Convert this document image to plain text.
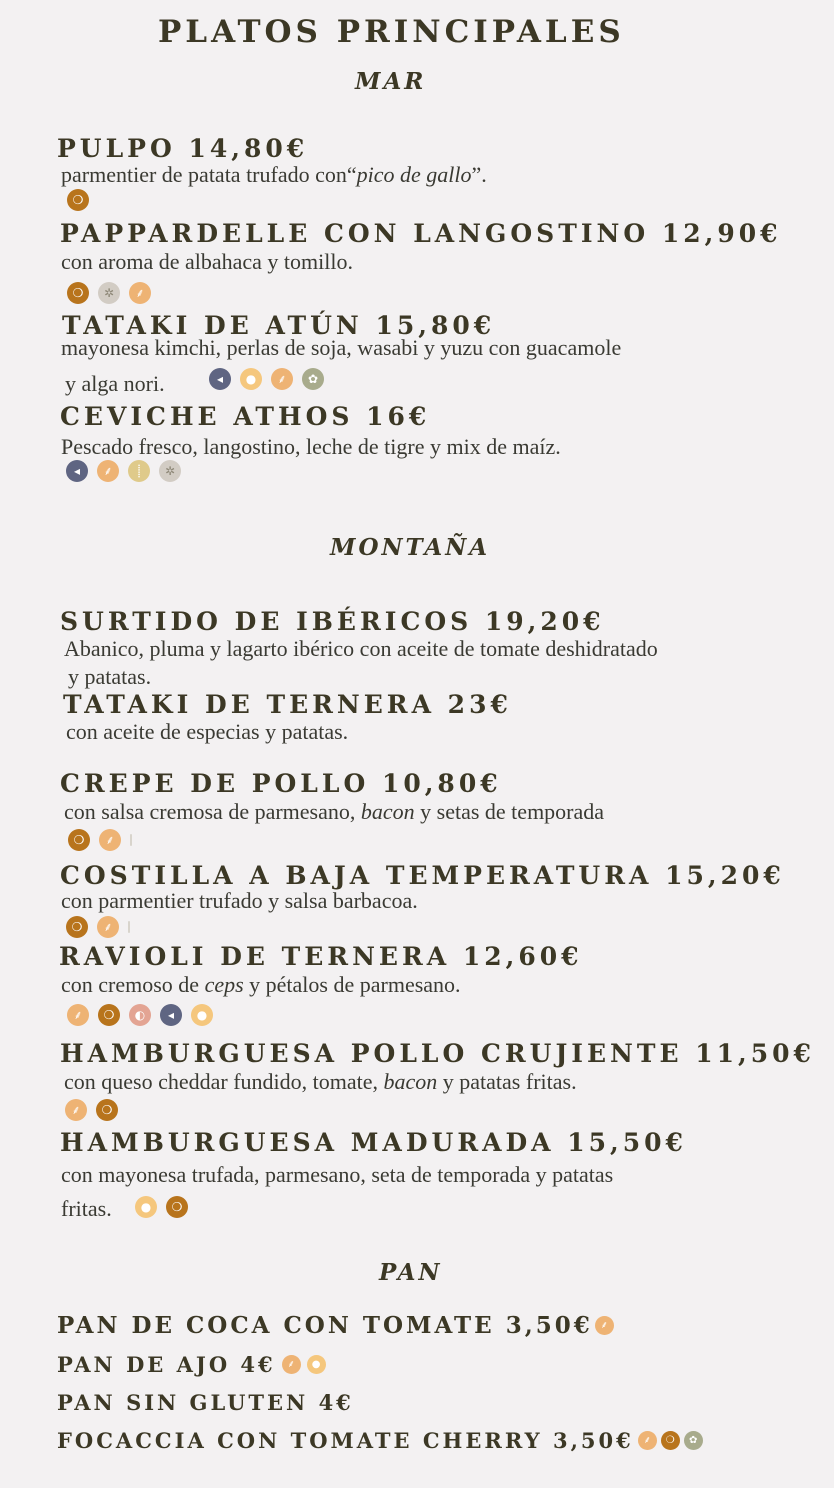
PLATOS PRINCIPALES
MAR
PULPO 14,80€
parmentier de patata trufado con“pico de gallo”.
❍
PAPPARDELLE CON LANGOSTINO 12,90€
con aroma de albahaca y tomillo.
❍	✲	⸙
TATAKI DE ATÚN 15,80€
mayonesa kimchi, perlas de soja, wasabi y yuzu con guacamole
y alga nori.	◂	●	⸙	✿
CEVICHE ATHOS 16€
Pescado fresco, langostino, leche de tigre y mix de maíz.
◂	⸙	⸽	✲
MONTAÑA
SURTIDO DE IBÉRICOS 19,20€
Abanico, pluma y lagarto ibérico con aceite de tomate deshidratado
y patatas.
TATAKI DE TERNERA 23€
con aceite de especias y patatas.
CREPE DE POLLO 10,80€
con salsa cremosa de parmesano, bacon y setas de temporada
❍	⸙
COSTILLA A BAJA TEMPERATURA 15,20€
con parmentier trufado y salsa barbacoa.
❍	⸙
RAVIOLI DE TERNERA 12,60€
con cremoso de ceps y pétalos de parmesano.
⸙	❍	◐	◂	●
HAMBURGUESA POLLO CRUJIENTE 11,50€
con queso cheddar fundido, tomate, bacon y patatas fritas.
⸙	❍
HAMBURGUESA MADURADA 15,50€
con mayonesa trufada, parmesano, seta de temporada y patatas
fritas.	●	❍
PAN
PAN DE COCA CON TOMATE 3,50€ ⸙
PAN DE AJO 4€	⸙	●
PAN SIN GLUTEN 4€
FOCACCIA CON TOMATE CHERRY 3,50€ ⸙	❍	✿
